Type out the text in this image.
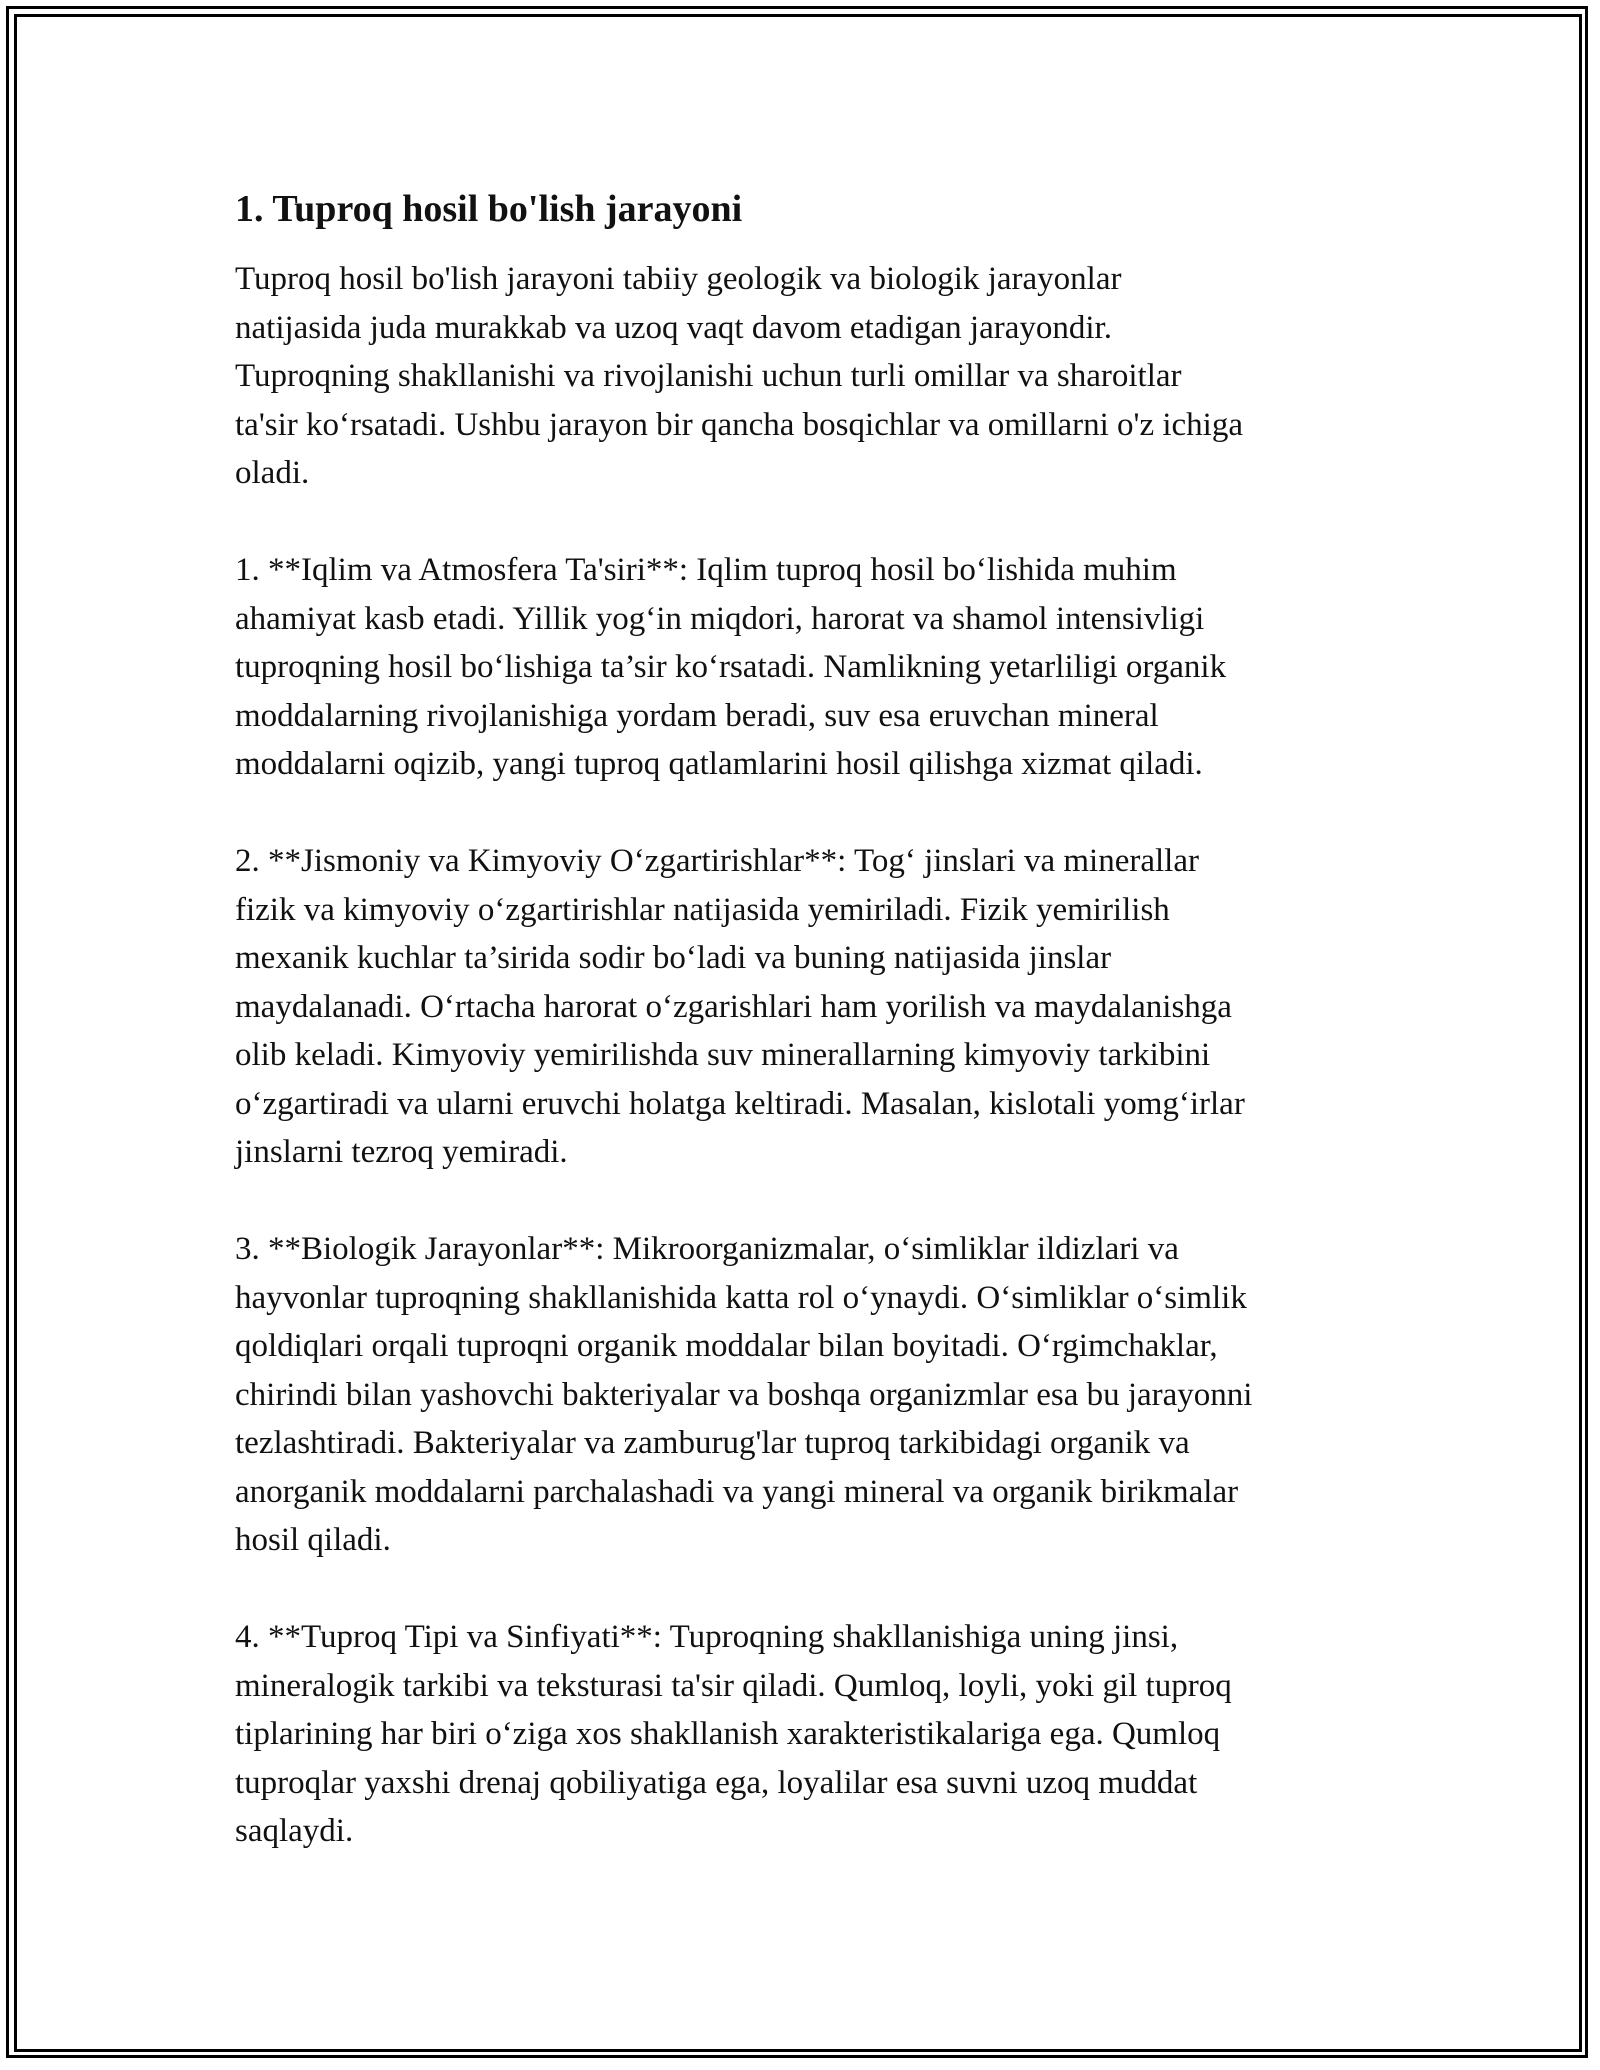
1. Tuproq hosil bo'lish jarayoni

Tuproq hosil bo'lish jarayoni tabiiy geologik va biologik jarayonlar
natijasida juda murakkab va uzoq vaqt davom etadigan jarayondir.
Tuproqning shakllanishi va rivojlanishi uchun turli omillar va sharoitlar
ta'sir ko‘rsatadi. Ushbu jarayon bir qancha bosqichlar va omillarni o'z ichiga
oladi.

1. **Iqlim va Atmosfera Ta'siri**: Iqlim tuproq hosil bo‘lishida muhim
ahamiyat kasb etadi. Yillik yog‘in miqdori, harorat va shamol intensivligi
tuproqning hosil bo‘lishiga ta’sir ko‘rsatadi. Namlikning yetarliligi organik
moddalarning rivojlanishiga yordam beradi, suv esa eruvchan mineral
moddalarni oqizib, yangi tuproq qatlamlarini hosil qilishga xizmat qiladi.

2. **Jismoniy va Kimyoviy O‘zgartirishlar**: Tog‘ jinslari va minerallar
fizik va kimyoviy o‘zgartirishlar natijasida yemiriladi. Fizik yemirilish
mexanik kuchlar ta’sirida sodir bo‘ladi va buning natijasida jinslar
maydalanadi. O‘rtacha harorat o‘zgarishlari ham yorilish va maydalanishga
olib keladi. Kimyoviy yemirilishda suv minerallarning kimyoviy tarkibini
o‘zgartiradi va ularni eruvchi holatga keltiradi. Masalan, kislotali yomg‘irlar
jinslarni tezroq yemiradi.

3. **Biologik Jarayonlar**: Mikroorganizmalar, o‘simliklar ildizlari va
hayvonlar tuproqning shakllanishida katta rol o‘ynaydi. O‘simliklar o‘simlik
qoldiqlari orqali tuproqni organik moddalar bilan boyitadi. O‘rgimchaklar,
chirindi bilan yashovchi bakteriyalar va boshqa organizmlar esa bu jarayonni
tezlashtiradi. Bakteriyalar va zamburug'lar tuproq tarkibidagi organik va
anorganik moddalarni parchalashadi va yangi mineral va organik birikmalar
hosil qiladi.

4. **Tuproq Tipi va Sinfiyati**: Tuproqning shakllanishiga uning jinsi,
mineralogik tarkibi va teksturasi ta'sir qiladi. Qumloq, loyli, yoki gil tuproq
tiplarining har biri o‘ziga xos shakllanish xarakteristikalariga ega. Qumloq
tuproqlar yaxshi drenaj qobiliyatiga ega, loyalilar esa suvni uzoq muddat
saqlaydi.
